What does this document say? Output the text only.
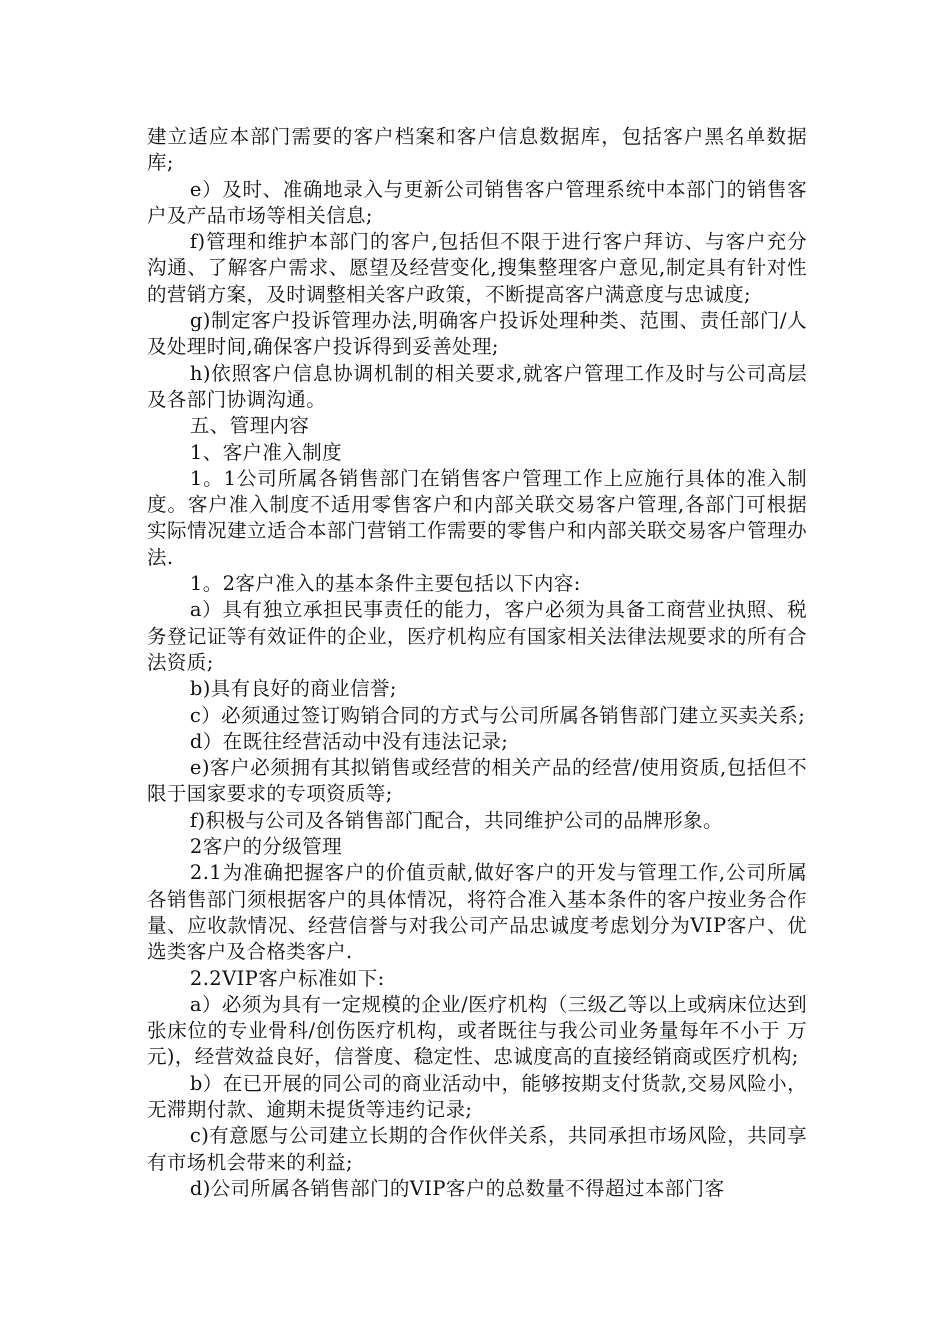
建立适应本部门需要的客户档案和客户信息数据库，包括客户黑名单数据库;

e）及时、准确地录入与更新公司销售客户管理系统中本部门的销售客户及产品市场等相关信息;

f)管理和维护本部门的客户,包括但不限于进行客户拜访、与客户充分沟通、了解客户需求、愿望及经营变化,搜集整理客户意见,制定具有针对性的营销方案，及时调整相关客户政策，不断提高客户满意度与忠诚度;

g)制定客户投诉管理办法,明确客户投诉处理种类、范围、责任部门/人及处理时间,确保客户投诉得到妥善处理;

h)依照客户信息协调机制的相关要求,就客户管理工作及时与公司高层及各部门协调沟通。

五、管理内容

1、客户准入制度

1。1公司所属各销售部门在销售客户管理工作上应施行具体的准入制度。客户准入制度不适用零售客户和内部关联交易客户管理,各部门可根据实际情况建立适合本部门营销工作需要的零售户和内部关联交易客户管理办法.

1。2客户准入的基本条件主要包括以下内容:

a）具有独立承担民事责任的能力，客户必须为具备工商营业执照、税务登记证等有效证件的企业，医疗机构应有国家相关法律法规要求的所有合法资质;

b)具有良好的商业信誉;

c）必须通过签订购销合同的方式与公司所属各销售部门建立买卖关系;

d）在既往经营活动中没有违法记录;

e)客户必须拥有其拟销售或经营的相关产品的经营/使用资质,包括但不限于国家要求的专项资质等;

f)积极与公司及各销售部门配合，共同维护公司的品牌形象。

2客户的分级管理

2.1为准确把握客户的价值贡献,做好客户的开发与管理工作,公司所属各销售部门须根据客户的具体情况，将符合准入基本条件的客户按业务合作量、应收款情况、经营信誉与对我公司产品忠诚度考虑划分为VIP客户、优选类客户及合格类客户.

2.2VIP客户标准如下:

a）必须为具有一定规模的企业/医疗机构（三级乙等以上或病床位达到 张床位的专业骨科/创伤医疗机构，或者既往与我公司业务量每年不小于 万元)，经营效益良好，信誉度、稳定性、忠诚度高的直接经销商或医疗机构;

b）在已开展的同公司的商业活动中，能够按期支付货款,交易风险小，无滞期付款、逾期未提货等违约记录;

c)有意愿与公司建立长期的合作伙伴关系，共同承担市场风险，共同享有市场机会带来的利益;

d)公司所属各销售部门的VIP客户的总数量不得超过本部门客
